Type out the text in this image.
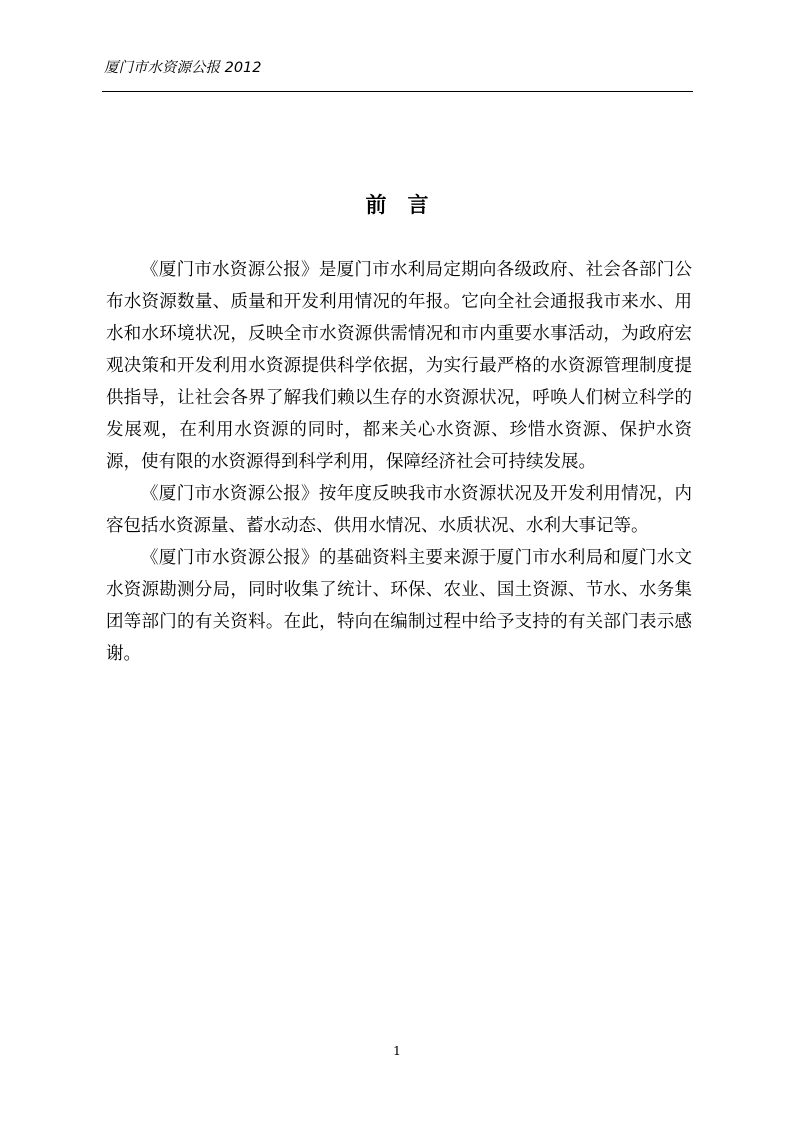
厦门市水资源公报 2012
前言

《厦门市水资源公报》是厦门市水利局定期向各级政府、社会各部门公布水资源数量、质量和开发利用情况的年报。它向全社会通报我市来水、用水和水环境状况，反映全市水资源供需情况和市内重要水事活动，为政府宏观决策和开发利用水资源提供科学依据，为实行最严格的水资源管理制度提供指导，让社会各界了解我们赖以生存的水资源状况，呼唤人们树立科学的发展观，在利用水资源的同时，都来关心水资源、珍惜水资源、保护水资源，使有限的水资源得到科学利用，保障经济社会可持续发展。

《厦门市水资源公报》按年度反映我市水资源状况及开发利用情况，内容包括水资源量、蓄水动态、供用水情况、水质状况、水利大事记等。

《厦门市水资源公报》的基础资料主要来源于厦门市水利局和厦门水文水资源勘测分局，同时收集了统计、环保、农业、国土资源、节水、水务集团等部门的有关资料。在此，特向在编制过程中给予支持的有关部门表示感谢。

1
